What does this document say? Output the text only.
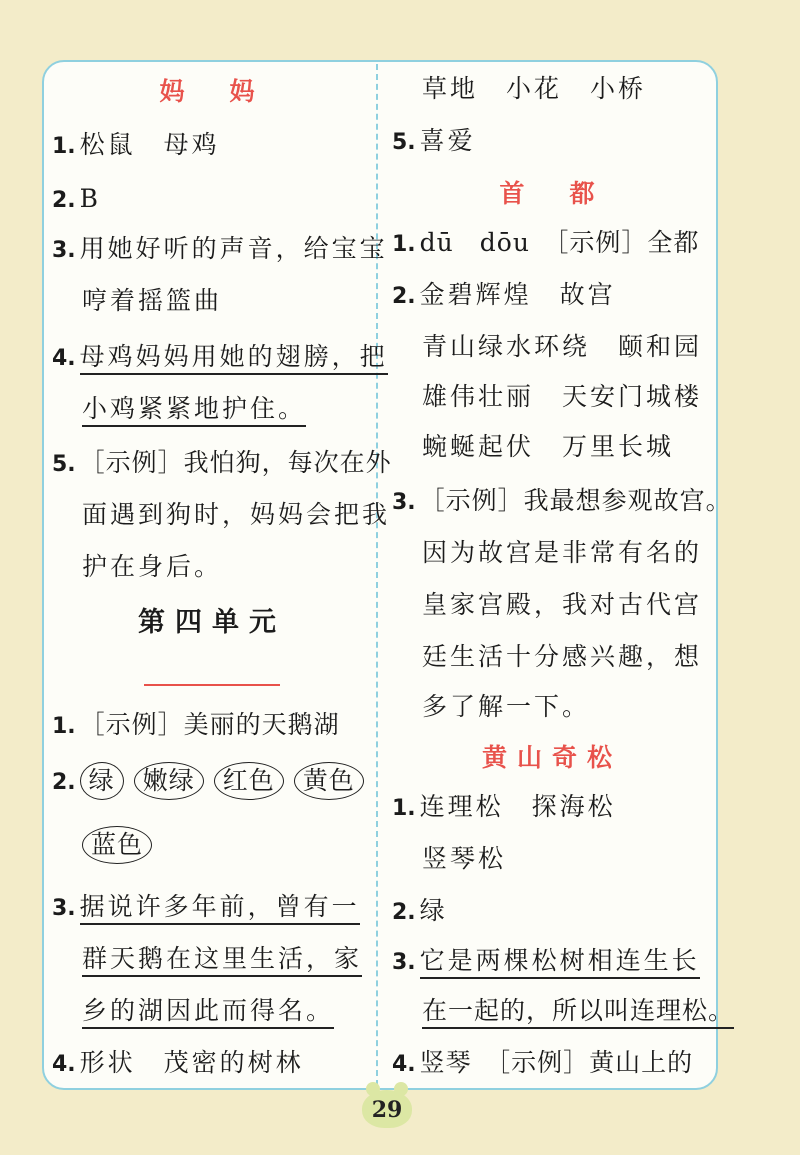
妈　妈
1. 松鼠　母鸡
2. B
3. 用她好听的声音，给宝宝
哼着摇篮曲
4. 母鸡妈妈用她的翅膀，把
小鸡紧紧地护住。
5. ［示例］我怕狗，每次在外
面遇到狗时，妈妈会把我
护在身后。
第四单元
1. ［示例］美丽的天鹅湖
2. 绿 嫩绿 红色 黄色
蓝色
3. 据说许多年前，曾有一
群天鹅在这里生活，家
乡的湖因此而得名。
4. 形状　茂密的树林
草地　小花　小桥
5. 喜爱
首　都
1. dū　dōu　［示例］全都
2. 金碧辉煌　故宫
青山绿水环绕　颐和园
雄伟壮丽　天安门城楼
蜿蜒起伏　万里长城
3. ［示例］我最想参观故宫。
因为故宫是非常有名的
皇家宫殿，我对古代宫
廷生活十分感兴趣，想
多了解一下。
黄山奇松
1. 连理松　探海松
竖琴松
2. 绿
3. 它是两棵松树相连生长
在一起的，所以叫连理松。
4. 竖琴　［示例］黄山上的
29
